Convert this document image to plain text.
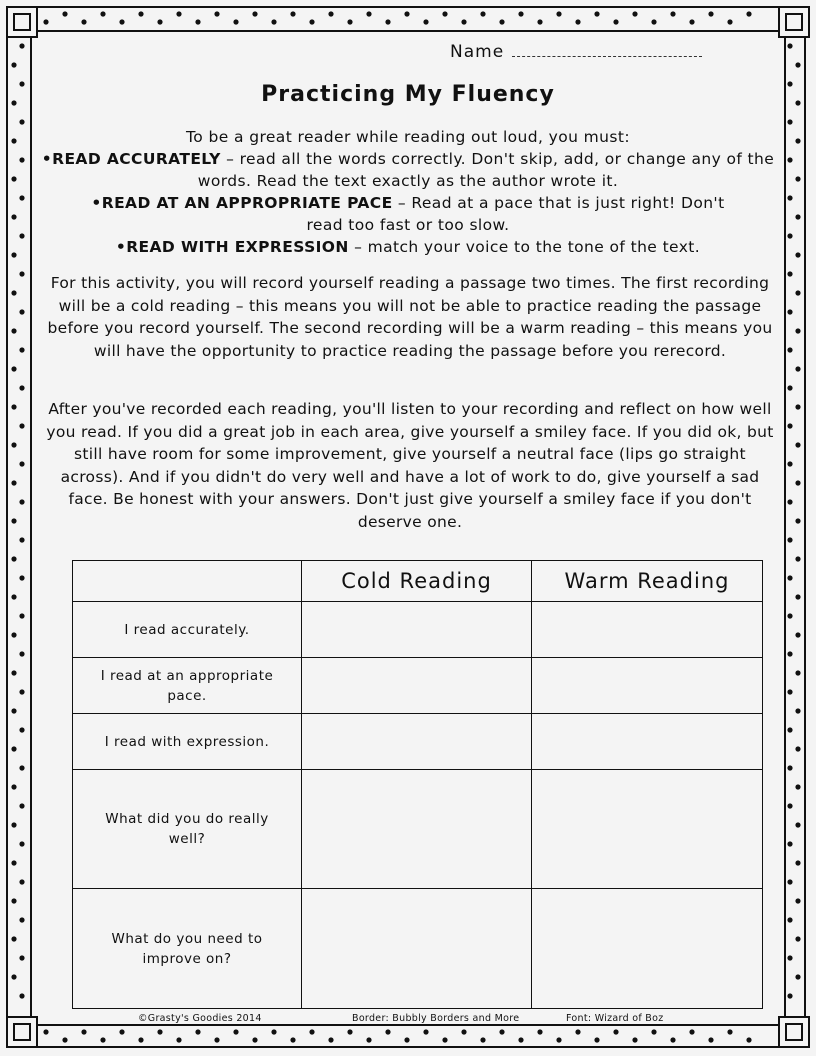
Name
Practicing My Fluency
To be a great reader while reading out loud, you must:
•READ ACCURATELY – read all the words correctly. Don't skip, add, or change any of the words. Read the text exactly as the author wrote it.
•READ AT AN APPROPRIATE PACE – Read at a pace that is just right! Don't read too fast or too slow.
•READ WITH EXPRESSION – match your voice to the tone of the text.
For this activity, you will record yourself reading a passage two times. The first recording will be a cold reading – this means you will not be able to practice reading the passage before you record yourself. The second recording will be a warm reading – this means you will have the opportunity to practice reading the passage before you rerecord.
After you've recorded each reading, you'll listen to your recording and reflect on how well you read. If you did a great job in each area, give yourself a smiley face. If you did ok, but still have room for some improvement, give yourself a neutral face (lips go straight across). And if you didn't do very well and have a lot of work to do, give yourself a sad face. Be honest with your answers. Don't just give yourself a smiley face if you don't deserve one.
	Cold Reading	Warm Reading
I read accurately.		
I read at an appropriate pace.		
I read with expression.		
What did you do really well?		
What do you need to improve on?		
©Grasty's Goodies 2014	Border: Bubbly Borders and More	Font: Wizard of Boz
